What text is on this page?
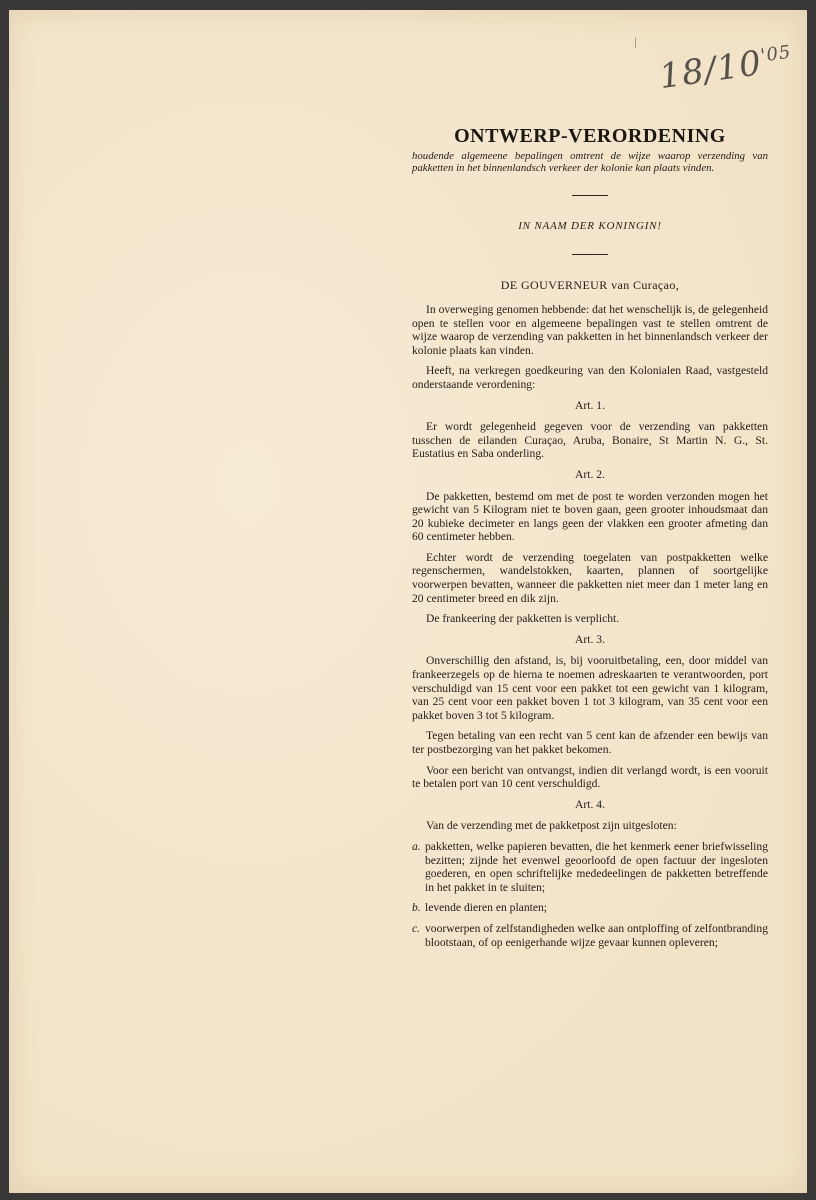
/ $18/10^{'05}$
ONTWERP-VERORDENING
houdende algemeene bepalingen omtrent de wijze waarop verzending van pakketten in het binnenlandsch verkeer der kolonie kan plaats vinden.
IN NAAM DER KONINGIN!
DE GOUVERNEUR van Curaçao,

In overweging genomen hebbende: dat het wenschelijk is, de gelegenheid open te stellen voor en algemeene bepalingen vast te stellen omtrent de wijze waarop de verzending van pakketten in het binnenlandsch verkeer der kolonie plaats kan vinden.

Heeft, na verkregen goedkeuring van den Kolonialen Raad, vastgesteld onderstaande verordening:

Art. 1.

Er wordt gelegenheid gegeven voor de verzending van pakketten tusschen de eilanden Curaçao, Aruba, Bonaire, St Martin N. G., St. Eustatius en Saba onderling.

Art. 2.

De pakketten, bestemd om met de post te worden verzonden mogen het gewicht van 5 Kilogram niet te boven gaan, geen grooter inhoudsmaat dan 20 kubieke decimeter en langs geen der vlakken een grooter afmeting dan 60 centimeter hebben.

Echter wordt de verzending toegelaten van postpakketten welke regenschermen, wandelstokken, kaarten, plannen of soortgelijke voorwerpen bevatten, wanneer die pakketten niet meer dan 1 meter lang en 20 centimeter breed en dik zijn.

De frankeering der pakketten is verplicht.

Art. 3.

Onverschillig den afstand, is, bij vooruitbetaling, een, door middel van frankeerzegels op de hierna te noemen adreskaarten te verantwoorden, port verschuldigd van 15 cent voor een pakket tot een gewicht van 1 kilogram, van 25 cent voor een pakket boven 1 tot 3 kilogram, van 35 cent voor een pakket boven 3 tot 5 kilogram.

Tegen betaling van een recht van 5 cent kan de afzender een bewijs van ter postbezorging van het pakket bekomen.

Voor een bericht van ontvangst, indien dit verlangd wordt, is een vooruit te betalen port van 10 cent verschuldigd.

Art. 4.

Van de verzending met de pakketpost zijn uitgesloten:

a. pakketten, welke papieren bevatten, die het kenmerk eener briefwisseling bezitten; zijnde het evenwel geoorloofd de open factuur der ingesloten goederen, en open schriftelijke mededeelingen de pakketten betreffende in het pakket in te sluiten;
b. levende dieren en planten;
c. voorwerpen of zelfstandigheden welke aan ontploffing of zelfontbranding blootstaan, of op eenigerhande wijze gevaar kunnen opleveren;
